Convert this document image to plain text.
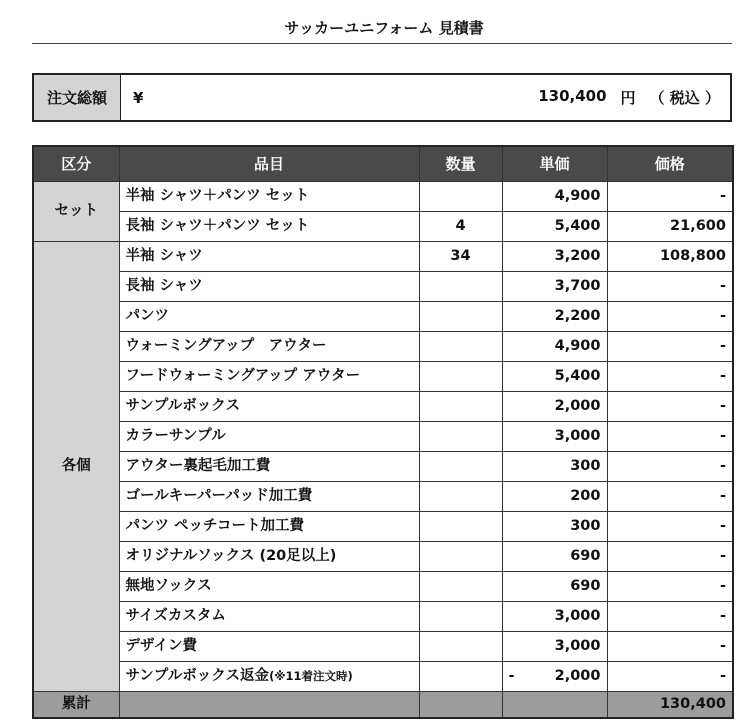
サッカーユニフォーム 見積書
注文総額	¥	130,400 円 （ 税込 ）
区分	品目	数量	単価	価格
セット	半袖 シャツ＋パンツ セット		4,900	-
	長袖 シャツ＋パンツ セット	4	5,400	21,600
各個	半袖 シャツ	34	3,200	108,800
	長袖 シャツ		3,700	-
	パンツ		2,200	-
	ウォーミングアップ　アウター		4,900	-
	フードウォーミングアップ アウター		5,400	-
	サンプルボックス		2,000	-
	カラーサンプル		3,000	-
	アウター裏起毛加工費		300	-
	ゴールキーパーパッド加工費		200	-
	パンツ ペッチコート加工費		300	-
	オリジナルソックス (20足以上)		690	-
	無地ソックス		690	-
	サイズカスタム		3,000	-
	デザイン費		3,000	-
	サンプルボックス返金(※11着注文時)		- 2,000	-
累計				130,400
